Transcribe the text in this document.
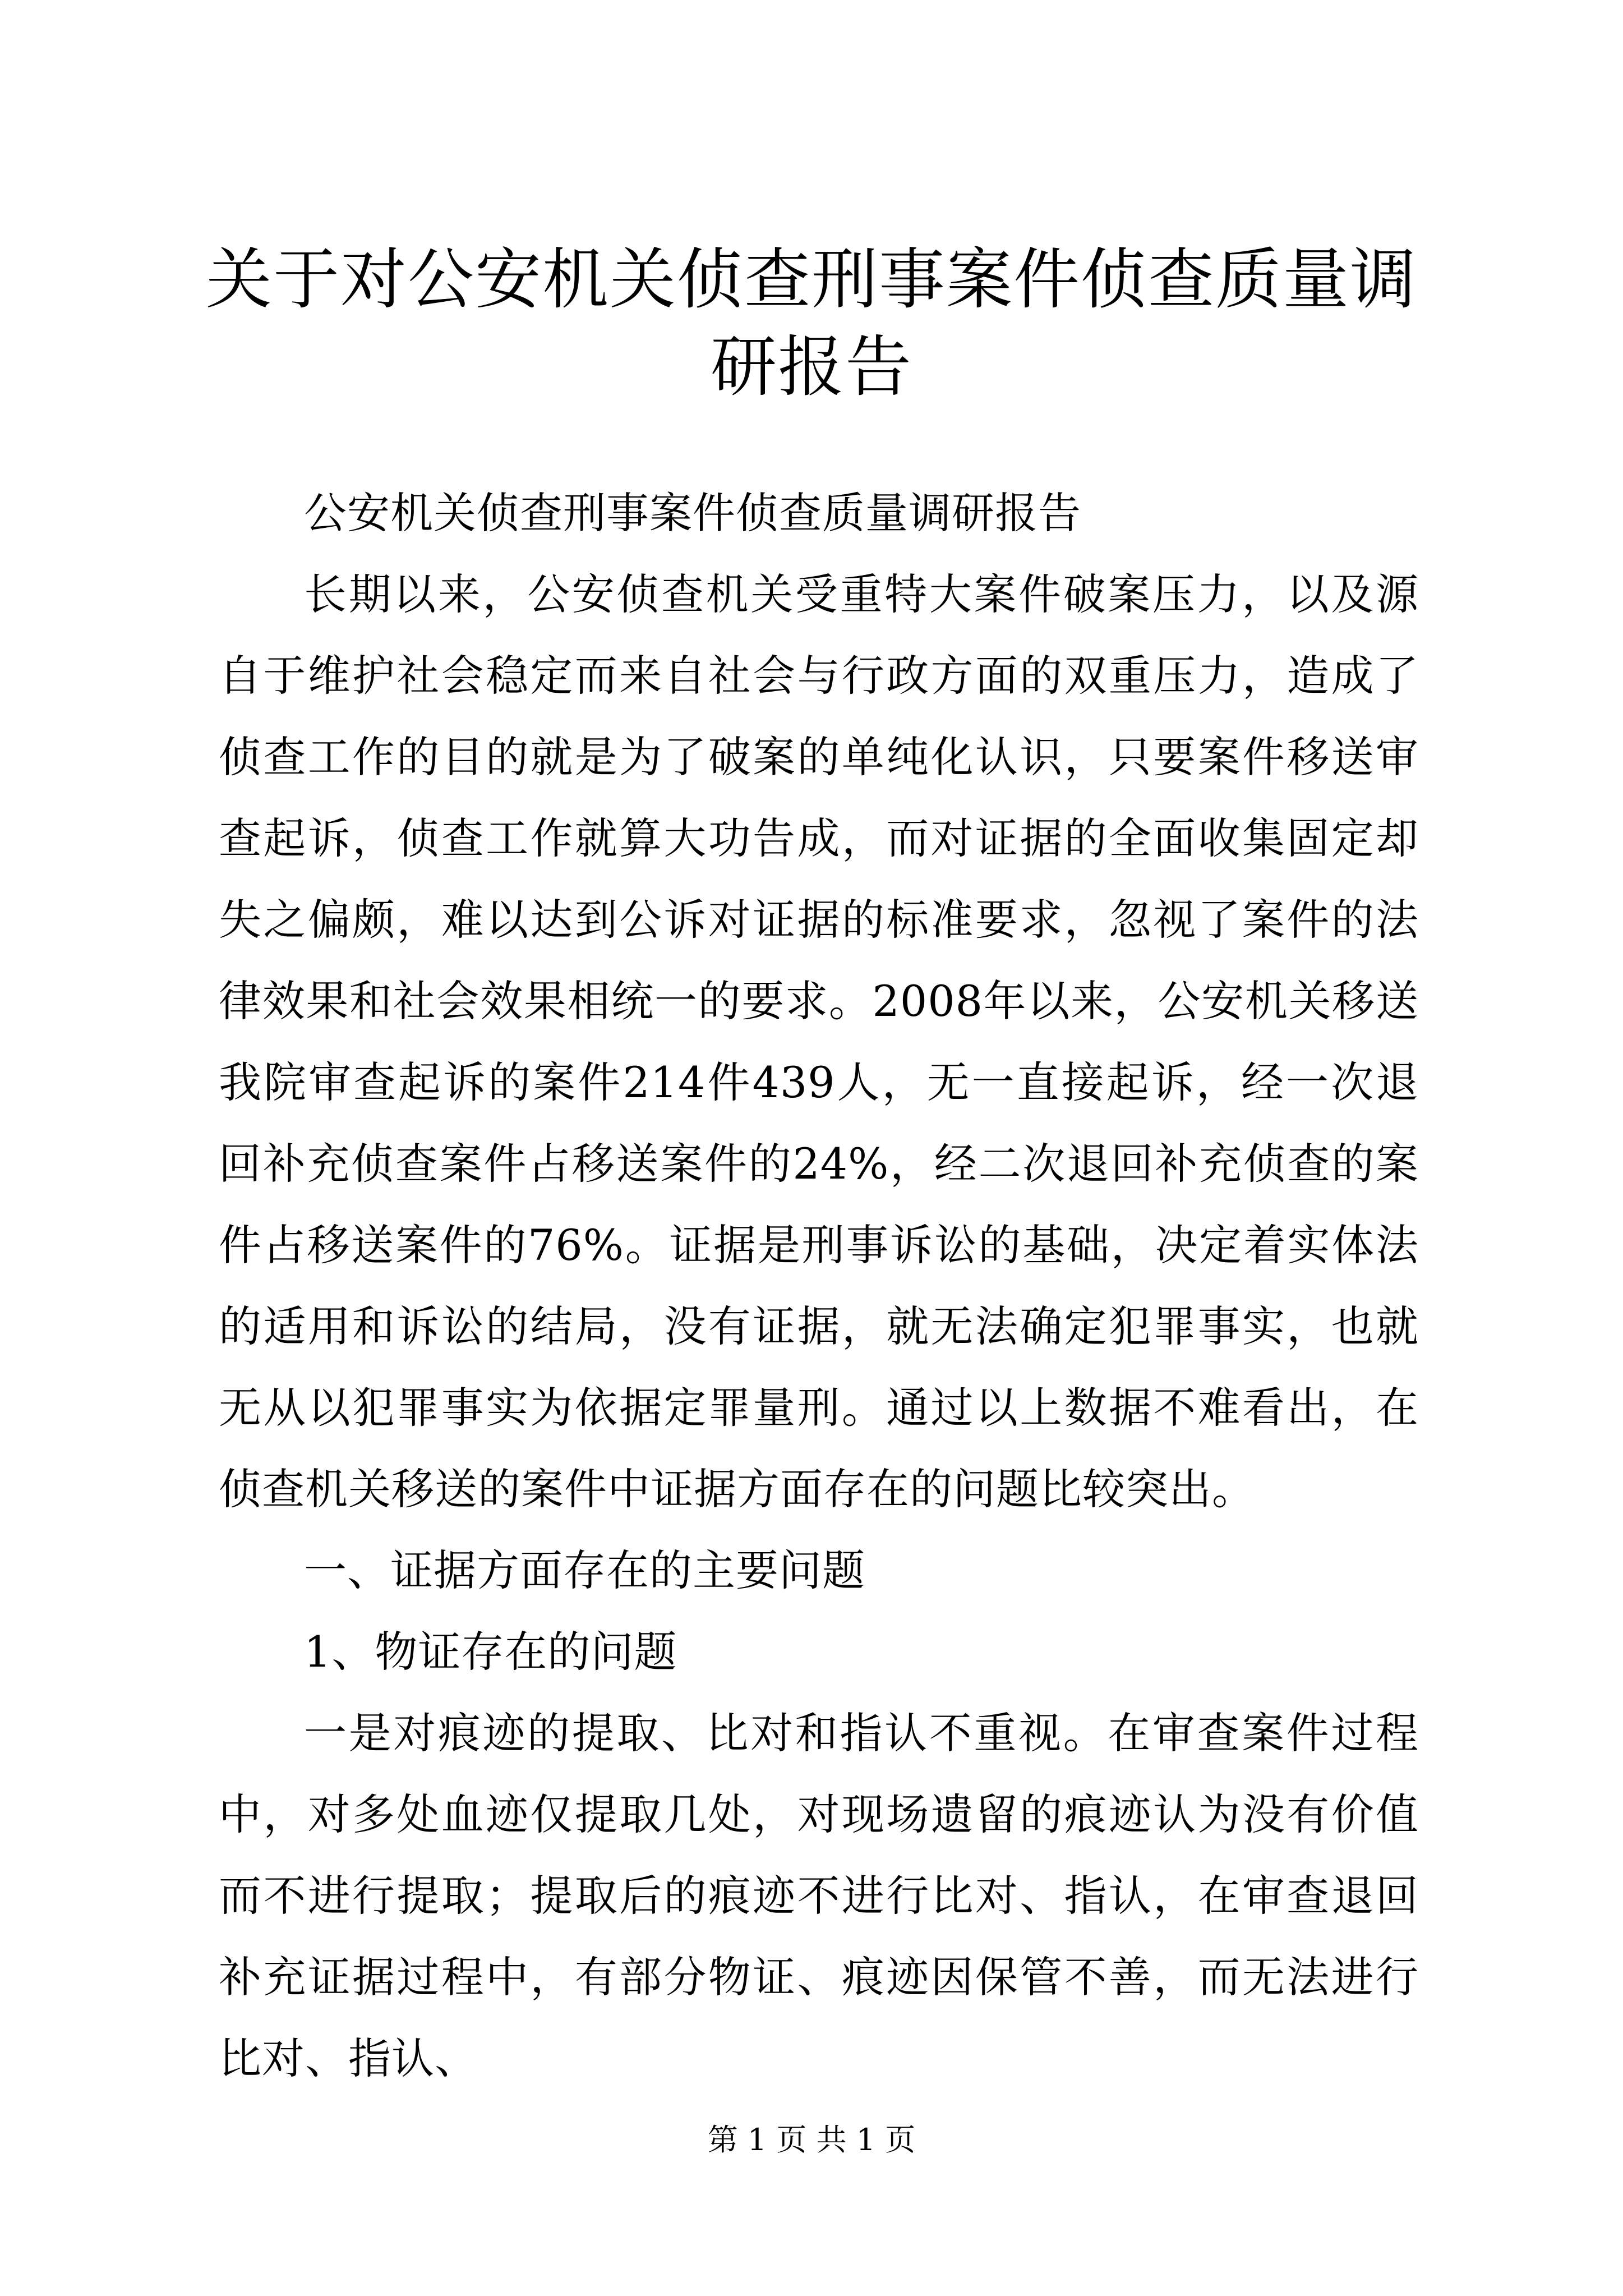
关于对公安机关侦查刑事案件侦查质量调研报告

公安机关侦查刑事案件侦查质量调研报告

长期以来，公安侦查机关受重特大案件破案压力，以及源自于维护社会稳定而来自社会与行政方面的双重压力，造成了侦查工作的目的就是为了破案的单纯化认识，只要案件移送审查起诉，侦查工作就算大功告成，而对证据的全面收集固定却失之偏颇，难以达到公诉对证据的标准要求，忽视了案件的法律效果和社会效果相统一的要求。2008年以来，公安机关移送我院审查起诉的案件214件439人，无一直接起诉，经一次退回补充侦查案件占移送案件的24%，经二次退回补充侦查的案件占移送案件的76%。证据是刑事诉讼的基础，决定着实体法的适用和诉讼的结局，没有证据，就无法确定犯罪事实，也就无从以犯罪事实为依据定罪量刑。通过以上数据不难看出，在侦查机关移送的案件中证据方面存在的问题比较突出。

一、证据方面存在的主要问题

1、物证存在的问题

一是对痕迹的提取、比对和指认不重视。在审查案件过程中，对多处血迹仅提取几处，对现场遗留的痕迹认为没有价值而不进行提取；提取后的痕迹不进行比对、指认，在审查退回补充证据过程中，有部分物证、痕迹因保管不善，而无法进行比对、指认、

第 1 页 共 1 页
